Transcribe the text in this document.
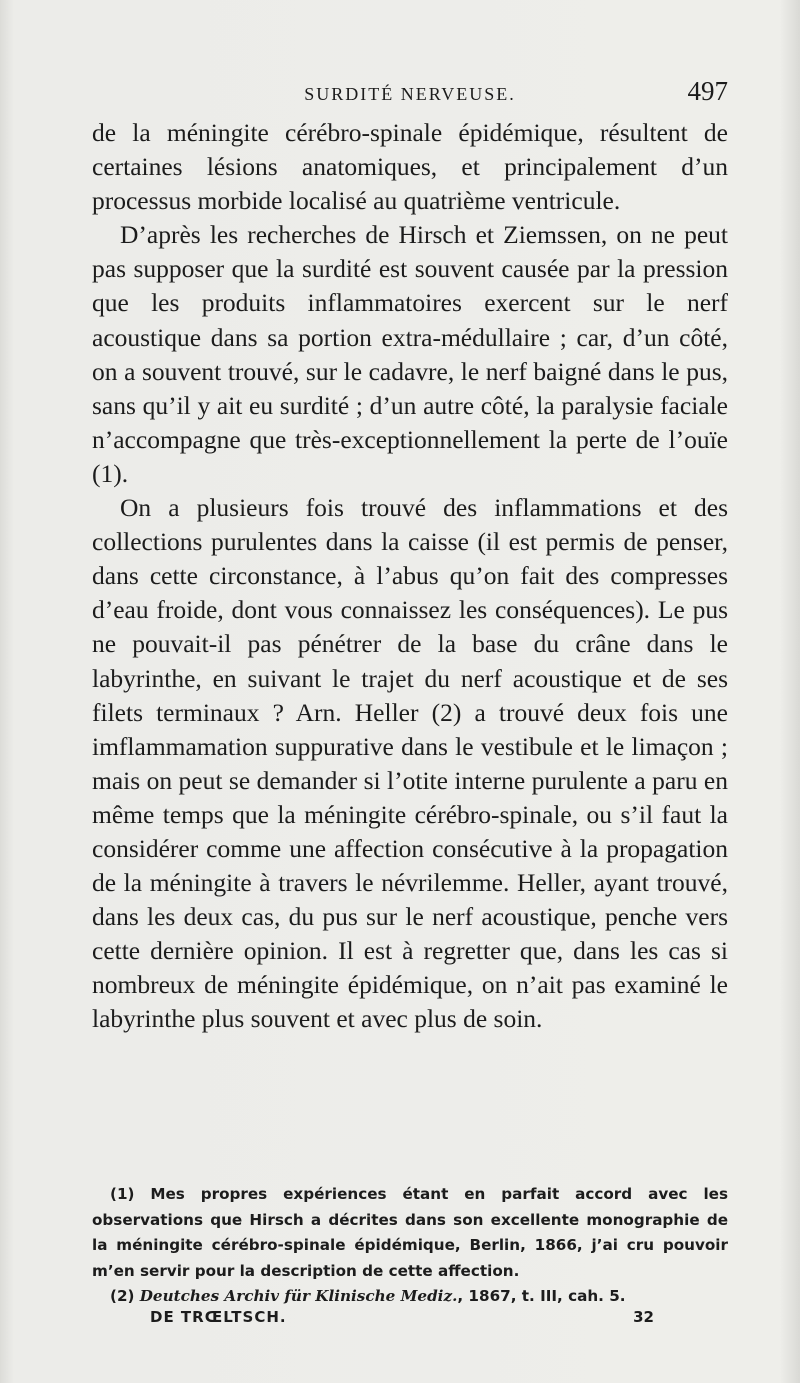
SURDITÉ NERVEUSE.	497

de la méningite cérébro-spinale épidémique, résultent de certaines lésions anatomiques, et principalement d’un processus morbide localisé au quatrième ventricule.

D’après les recherches de Hirsch et Ziemssen, on ne peut pas supposer que la surdité est souvent causée par la pression que les produits inflammatoires exercent sur le nerf acoustique dans sa portion extra-médullaire ; car, d’un côté, on a souvent trouvé, sur le cadavre, le nerf baigné dans le pus, sans qu’il y ait eu surdité ; d’un autre côté, la paralysie faciale n’accompagne que très-exceptionnellement la perte de l’ouïe (1).

On a plusieurs fois trouvé des inflammations et des collections purulentes dans la caisse (il est permis de penser, dans cette circonstance, à l’abus qu’on fait des compresses d’eau froide, dont vous connaissez les conséquences). Le pus ne pouvait-il pas pénétrer de la base du crâne dans le labyrinthe, en suivant le trajet du nerf acoustique et de ses filets terminaux ? Arn. Heller (2) a trouvé deux fois une imflammamation suppurative dans le vestibule et le limaçon ; mais on peut se demander si l’otite interne purulente a paru en même temps que la méningite cérébro-spinale, ou s’il faut la considérer comme une affection consécutive à la propagation de la méningite à travers le névrilemme. Heller, ayant trouvé, dans les deux cas, du pus sur le nerf acoustique, penche vers cette dernière opinion. Il est à regretter que, dans les cas si nombreux de méningite épidémique, on n’ait pas examiné le labyrinthe plus souvent et avec plus de soin.

(1) Mes propres expériences étant en parfait accord avec les observations que Hirsch a décrites dans son excellente monographie de la méningite cérébro-spinale épidémique, Berlin, 1866, j’ai cru pouvoir m’en servir pour la description de cette affection.

(2) Deutches Archiv für Klinische Mediz., 1867, t. III, cah. 5.

DE TRŒLTSCH.	32
